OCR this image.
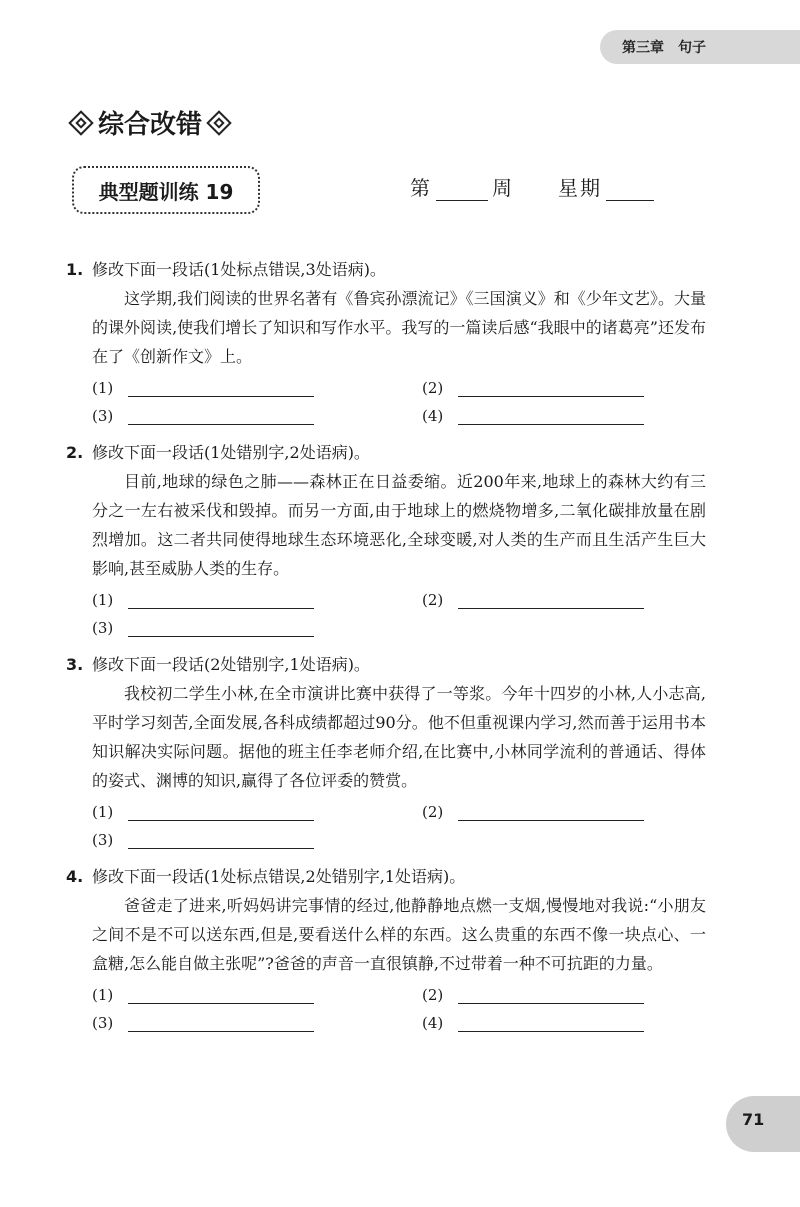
第三章　句子
综合改错
典型题训练 19	第	周 星期
1. 修改下面一段话(1处标点错误,3处语病)。

这学期,我们阅读的世界名著有《鲁宾孙漂流记》《三国演义》和《少年文艺》。大量的课外阅读,使我们增长了知识和写作水平。我写的一篇读后感“我眼中的诸葛亮”还发布在了《创新作文》上。

(1)	(2)
(3)	(4)
2. 修改下面一段话(1处错别字,2处语病)。

目前,地球的绿色之肺——森林正在日益委缩。近200年来,地球上的森林大约有三分之一左右被采伐和毁掉。而另一方面,由于地球上的燃烧物增多,二氧化碳排放量在剧烈增加。这二者共同使得地球生态环境恶化,全球变暖,对人类的生产而且生活产生巨大影响,甚至威胁人类的生存。

(1)	(2)
(3)
3. 修改下面一段话(2处错别字,1处语病)。

我校初二学生小林,在全市演讲比赛中获得了一等浆。今年十四岁的小林,人小志高,平时学习刻苦,全面发展,各科成绩都超过90分。他不但重视课内学习,然而善于运用书本知识解决实际问题。据他的班主任李老师介绍,在比赛中,小林同学流利的普通话、得体的姿式、渊博的知识,赢得了各位评委的赞赏。

(1)	(2)
(3)
4. 修改下面一段话(1处标点错误,2处错别字,1处语病)。

爸爸走了进来,听妈妈讲完事情的经过,他静静地点燃一支烟,慢慢地对我说:“小朋友之间不是不可以送东西,但是,要看送什么样的东西。这么贵重的东西不像一块点心、一盒糖,怎么能自做主张呢”?爸爸的声音一直很镇静,不过带着一种不可抗距的力量。

(1)	(2)
(3)	(4)
71
